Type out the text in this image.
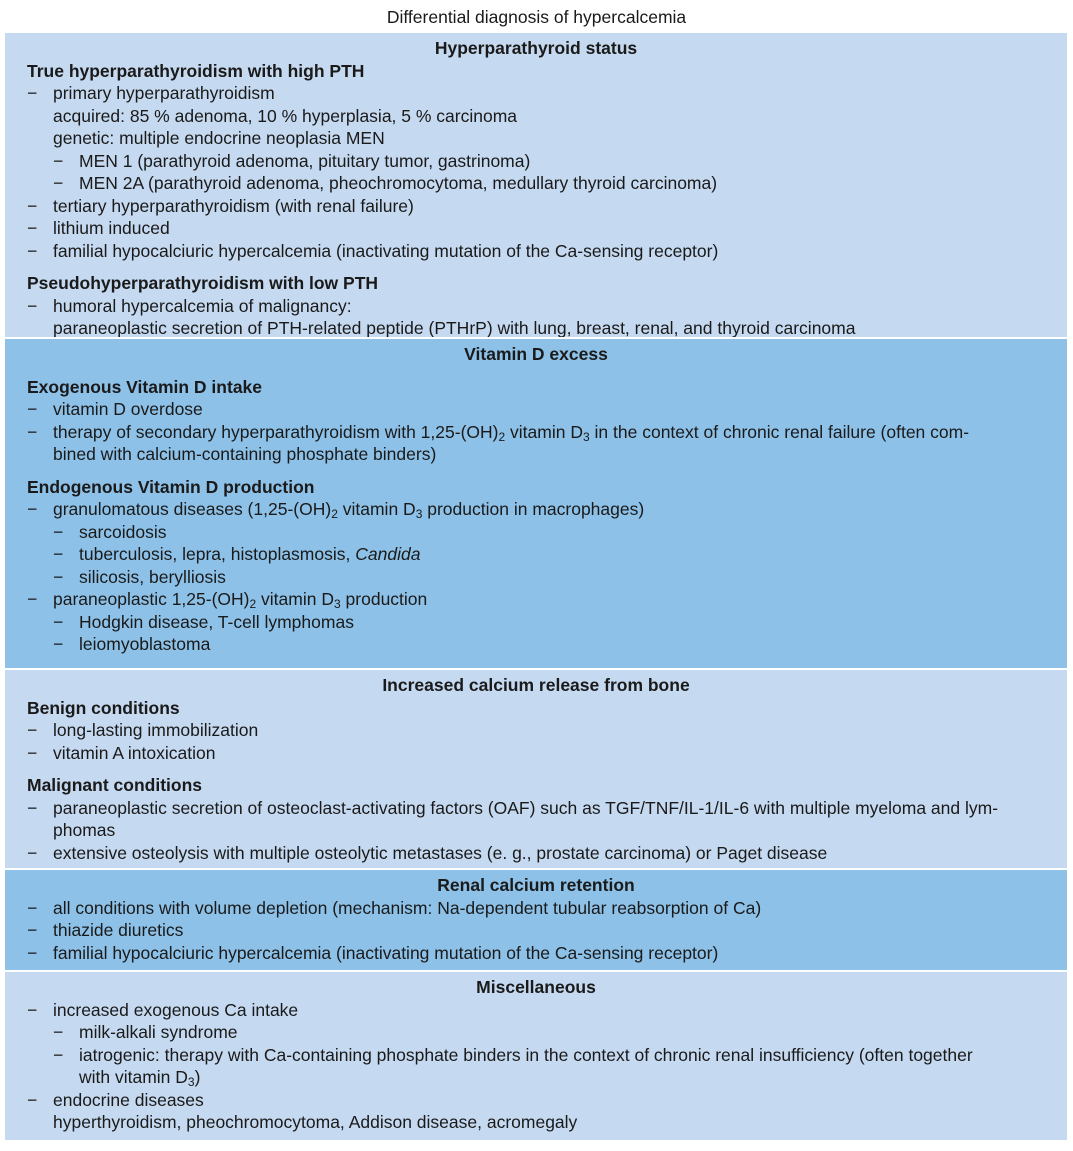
Differential diagnosis of hypercalcemia
Hyperparathyroid status
True hyperparathyroidism with high PTH
− primary hyperparathyroidism
acquired: 85 % adenoma, 10 % hyperplasia, 5 % carcinoma
genetic: multiple endocrine neoplasia MEN
− MEN 1 (parathyroid adenoma, pituitary tumor, gastrinoma)
− MEN 2A (parathyroid adenoma, pheochromocytoma, medullary thyroid carcinoma)
− tertiary hyperparathyroidism (with renal failure)
− lithium induced
− familial hypocalciuric hypercalcemia (inactivating mutation of the Ca-sensing receptor)
Pseudohyperparathyroidism with low PTH
− humoral hypercalcemia of malignancy:
paraneoplastic secretion of PTH-related peptide (PTHrP) with lung, breast, renal, and thyroid carcinoma
Vitamin D excess
Exogenous Vitamin D intake
− vitamin D overdose
− therapy of secondary hyperparathyroidism with $1,25-(OH)_2$ vitamin $D_3$ in the context of chronic renal failure (often com-
bined with calcium-containing phosphate binders)
Endogenous Vitamin D production
− granulomatous diseases ($1,25-(OH)_2$ vitamin $D_3$ production in macrophages)
− sarcoidosis
− tuberculosis, lepra, histoplasmosis, Candida
− silicosis, berylliosis
− paraneoplastic $1,25-(OH)_2$ vitamin $D_3$ production
− Hodgkin disease, T-cell lymphomas
− leiomyoblastoma
Increased calcium release from bone
Benign conditions
− long-lasting immobilization
− vitamin A intoxication
Malignant conditions
− paraneoplastic secretion of osteoclast-activating factors (OAF) such as TGF/TNF/IL-1/IL-6 with multiple myeloma and lym-
phomas
− extensive osteolysis with multiple osteolytic metastases (e. g., prostate carcinoma) or Paget disease
Renal calcium retention
− all conditions with volume depletion (mechanism: Na-dependent tubular reabsorption of Ca)
− thiazide diuretics
− familial hypocalciuric hypercalcemia (inactivating mutation of the Ca-sensing receptor)
Miscellaneous
− increased exogenous Ca intake
− milk-alkali syndrome
− iatrogenic: therapy with Ca-containing phosphate binders in the context of chronic renal insufficiency (often together
with vitamin $D_3$)
− endocrine diseases
hyperthyroidism, pheochromocytoma, Addison disease, acromegaly
